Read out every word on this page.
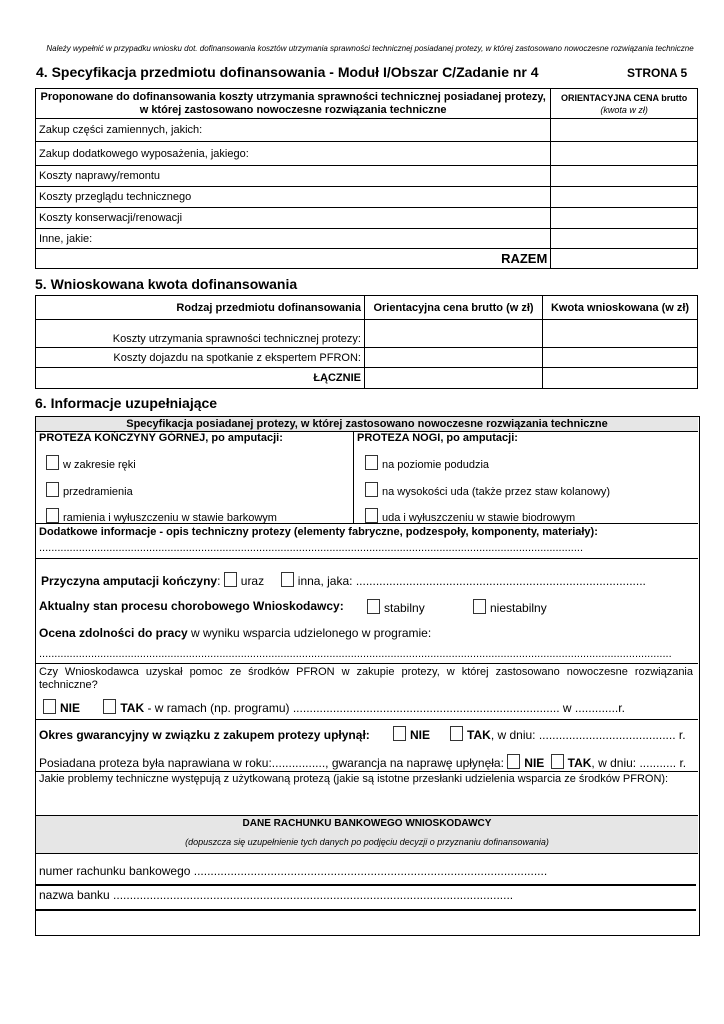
Należy wypełnić w przypadku wniosku dot. dofinansowania kosztów utrzymania sprawności technicznej posiadanej protezy, w której zastosowano nowoczesne rozwiązania techniczne
4. Specyfikacja przedmiotu dofinansowania - Moduł I/Obszar C/Zadanie nr 4	STRONA 5
Proponowane do dofinansowania koszty utrzymania sprawności technicznej posiadanej protezy, w której zastosowano nowoczesne rozwiązania techniczne	ORIENTACYJNA CENA brutto
(kwota w zł)

Zakup części zamiennych, jakich:	
Zakup dodatkowego wyposażenia, jakiego:	
Koszty naprawy/remontu	
Koszty przeglądu technicznego	
Koszty konserwacji/renowacji	
Inne, jakie:	
RAZEM	
5. Wnioskowana kwota dofinansowania
Rodzaj przedmiotu dofinansowania	Orientacyjna cena brutto (w zł)	Kwota wnioskowana (w zł)
Koszty utrzymania sprawności technicznej protezy:		
Koszty dojazdu na spotkanie z ekspertem PFRON:		
ŁĄCZNIE		
6. Informacje uzupełniające
Specyfikacja posiadanej protezy, w której zastosowano nowoczesne rozwiązania techniczne
PROTEZA KOŃCZYNY GÓRNEJ, po amputacji:	PROTEZA NOGI, po amputacji:
w zakresie ręki
przedramienia
ramienia i wyłuszczeniu w stawie barkowym
na poziomie podudzia
na wysokości uda (także przez staw kolanowy)
uda i wyłuszczeniu w stawie biodrowym
Dodatkowe informacje - opis techniczny protezy (elementy fabryczne, podzespoły, komponenty, materiały):
..................................................................................................................................................................................
Przyczyna amputacji kończyny: uraz	inna, jaka: .......................................................................................
Aktualny stan procesu chorobowego Wnioskodawcy:	stabilny	niestabilny
Ocena zdolności do pracy w wyniku wsparcia udzielonego w programie:
...............................................................................................................................................................................................................
Czy Wnioskodawca uzyskał pomoc ze środków PFRON w zakupie protezy, w której zastosowano nowoczesne rozwiązania techniczne?
NIE	TAK - w ramach (np. programu) ................................................................................ w .............r.
Okres gwarancyjny w związku z zakupem protezy upłynął:	NIE	TAK, w dniu: ......................................... r.
Posiadana proteza była naprawiana w roku:................, gwarancja na naprawę upłynęła: NIE TAK, w dniu: ........... r.
Jakie problemy techniczne występują z użytkowaną protezą (jakie są istotne przesłanki udzielenia wsparcia ze środków PFRON):
DANE RACHUNKU BANKOWEGO WNIOSKODAWCY
(dopuszcza się uzupełnienie tych danych po podjęciu decyzji o przyznaniu dofinansowania)
numer rachunku bankowego ..........................................................................................................
nazwa banku ........................................................................................................................
